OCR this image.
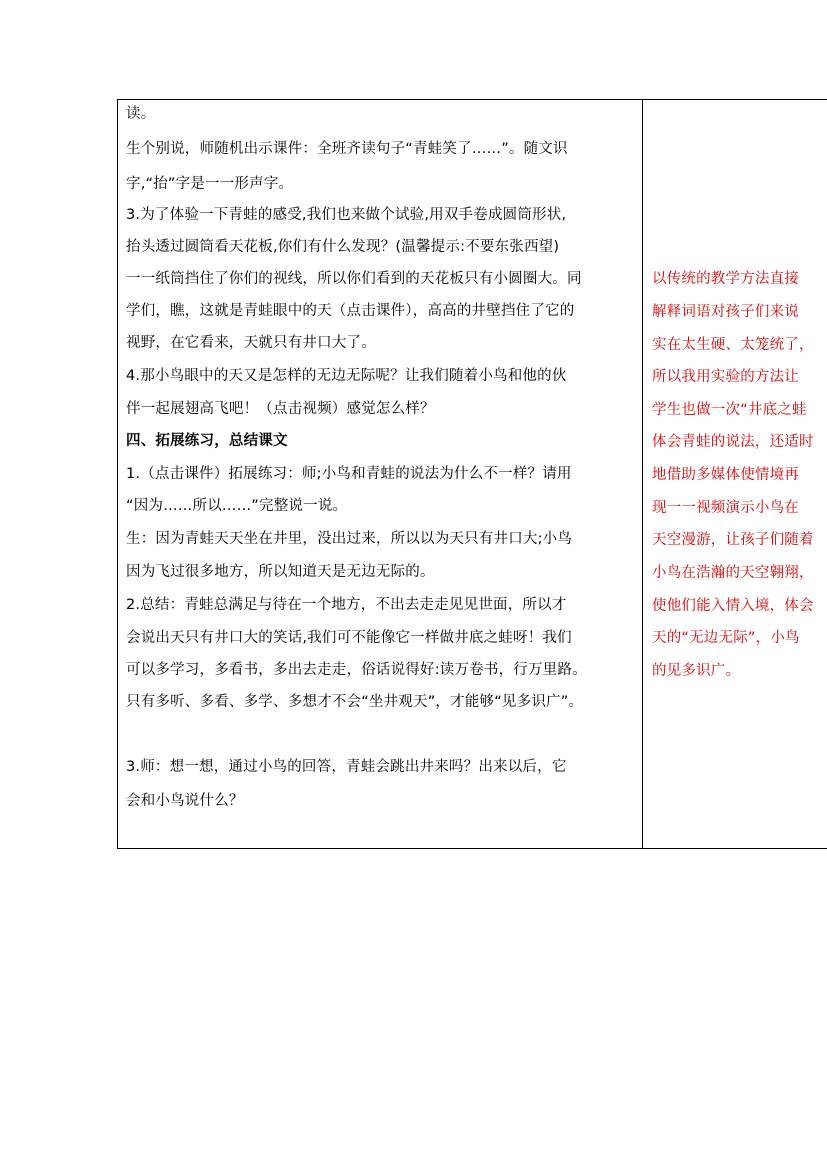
读。
生个别说，师随机出示课件：全班齐读句子“青蛙笑了……”。随文识
字,“抬”字是一一形声字。
3.为了体验一下青蛙的感受,我们也来做个试验,用双手卷成圆筒形状,
抬头透过圆筒看天花板,你们有什么发现？(温馨提示:不要东张西望)
一一纸筒挡住了你们的视线，所以你们看到的天花板只有小圆圈大。同
学们，瞧，这就是青蛙眼中的天（点击课件），高高的井壁挡住了它的
视野，在它看来，天就只有井口大了。
4.那小鸟眼中的天又是怎样的无边无际呢？让我们随着小鸟和他的伙
伴一起展翅高飞吧！（点击视频）感觉怎么样？
四、拓展练习，总结课文
1.（点击课件）拓展练习：师;小鸟和青蛙的说法为什么不一样？请用
“因为……所以……”完整说一说。
生：因为青蛙天天坐在井里，没出过来，所以以为天只有井口大;小鸟
因为飞过很多地方，所以知道天是无边无际的。
2.总结：青蛙总满足与待在一个地方，不出去走走见见世面，所以才
会说出天只有井口大的笑话,我们可不能像它一样做井底之蛙呀！我们
可以多学习，多看书，多出去走走，俗话说得好:读万卷书，行万里路。
只有多听、多看、多学、多想才不会“坐井观天”，才能够“见多识广”。
3.师：想一想，通过小鸟的回答，青蛙会跳出井来吗？出来以后，它
会和小鸟说什么？
以传统的教学方法直接
解释词语对孩子们来说
实在太生硬、太笼统了，
所以我用实验的方法让
学生也做一次“井底之蛙
体会青蛙的说法，还适时
地借助多媒体使情境再
现一一视频演示小鸟在
天空漫游，让孩子们随着
小鸟在浩瀚的天空翱翔，
使他们能入情入境，体会
天的“无边无际”，小鸟
的见多识广。
